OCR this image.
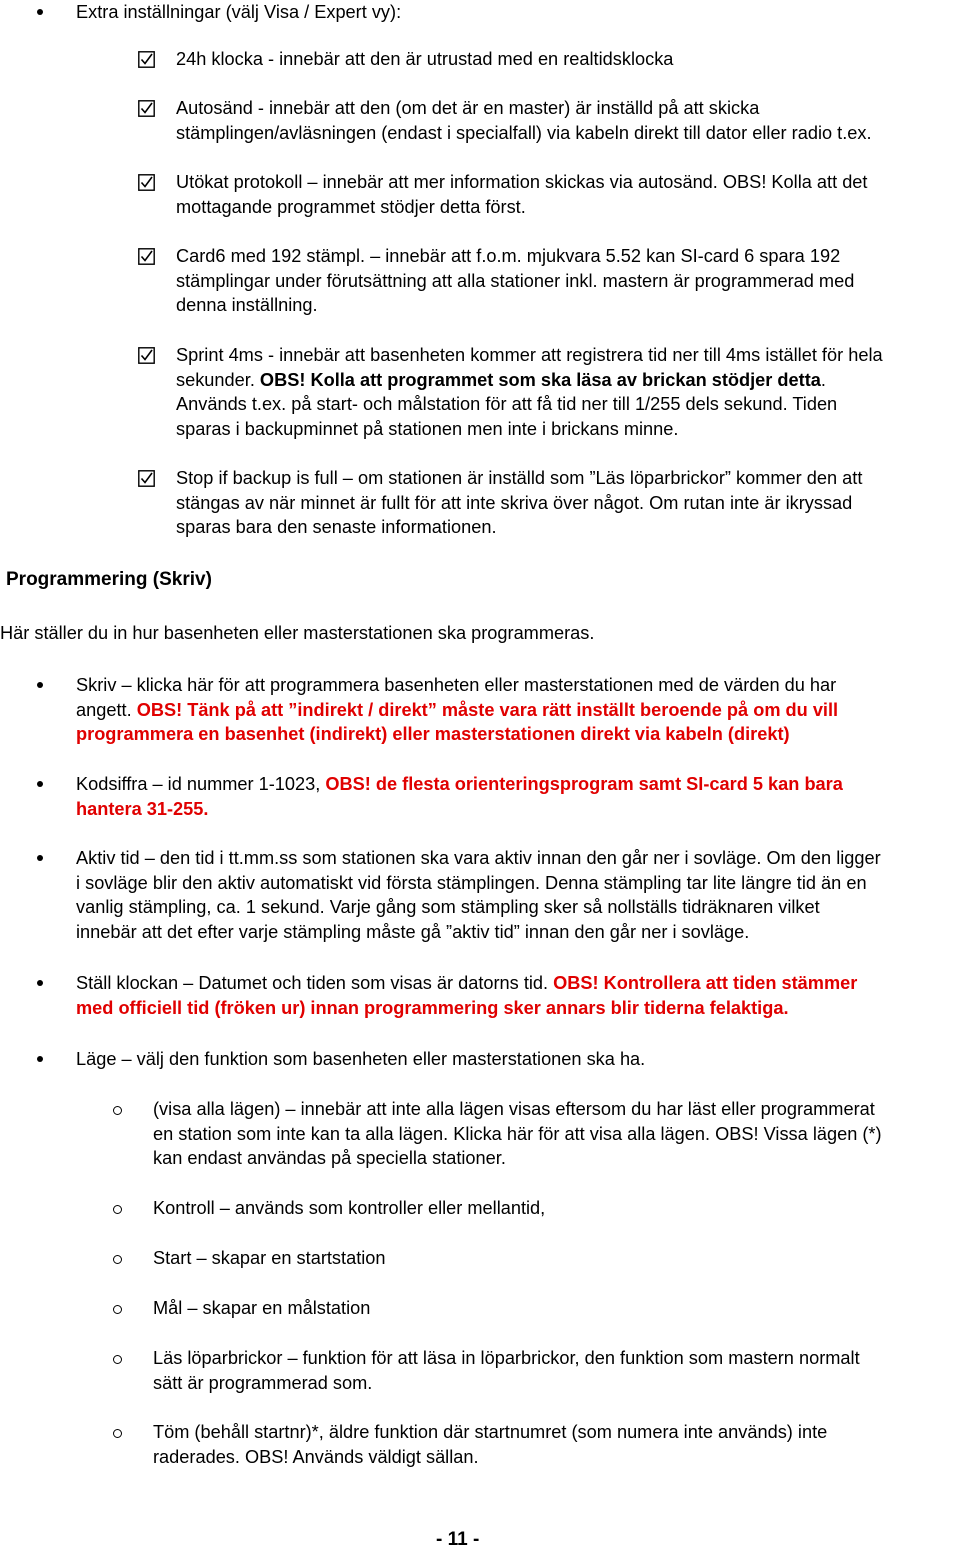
Extra inställningar (välj Visa / Expert vy):
24h klocka - innebär att den är utrustad med en realtidsklocka
Autosänd - innebär att den (om det är en master) är inställd på att skicka
stämplingen/avläsningen (endast i specialfall) via kabeln direkt till dator eller radio t.ex.
Utökat protokoll – innebär att mer information skickas via autosänd. OBS! Kolla att det
mottagande programmet stödjer detta först.
Card6 med 192 stämpl. – innebär att f.o.m. mjukvara 5.52 kan SI-card 6 spara 192
stämplingar under förutsättning att alla stationer inkl. mastern är programmerad med
denna inställning.
Sprint 4ms - innebär att basenheten kommer att registrera tid ner till 4ms istället för hela
sekunder. OBS! Kolla att programmet som ska läsa av brickan stödjer detta.
Används t.ex. på start- och målstation för att få tid ner till 1/255 dels sekund. Tiden
sparas i backupminnet på stationen men inte i brickans minne.
Stop if backup is full – om stationen är inställd som ”Läs löparbrickor” kommer den att
stängas av när minnet är fullt för att inte skriva över något. Om rutan inte är ikryssad
sparas bara den senaste informationen.
Programmering (Skriv)
Här ställer du in hur basenheten eller masterstationen ska programmeras.
Skriv – klicka här för att programmera basenheten eller masterstationen med de värden du har
angett. OBS! Tänk på att ”indirekt / direkt” måste vara rätt inställt beroende på om du vill
programmera en basenhet (indirekt) eller masterstationen direkt via kabeln (direkt)
Kodsiffra – id nummer 1-1023, OBS! de flesta orienteringsprogram samt SI-card 5 kan bara
hantera 31-255.
Aktiv tid – den tid i tt.mm.ss som stationen ska vara aktiv innan den går ner i sovläge. Om den ligger
i sovläge blir den aktiv automatiskt vid första stämplingen. Denna stämpling tar lite längre tid än en
vanlig stämpling, ca. 1 sekund. Varje gång som stämpling sker så nollställs tidräknaren vilket
innebär att det efter varje stämpling måste gå ”aktiv tid” innan den går ner i sovläge.
Ställ klockan – Datumet och tiden som visas är datorns tid. OBS! Kontrollera att tiden stämmer
med officiell tid (fröken ur) innan programmering sker annars blir tiderna felaktiga.
Läge – välj den funktion som basenheten eller masterstationen ska ha.
(visa alla lägen) – innebär att inte alla lägen visas eftersom du har läst eller programmerat
en station som inte kan ta alla lägen. Klicka här för att visa alla lägen. OBS! Vissa lägen (*)
kan endast användas på speciella stationer.
Kontroll – används som kontroller eller mellantid,
Start – skapar en startstation
Mål – skapar en målstation
Läs löparbrickor – funktion för att läsa in löparbrickor, den funktion som mastern normalt
sätt är programmerad som.
Töm (behåll startnr)*, äldre funktion där startnumret (som numera inte används) inte
raderades. OBS! Används väldigt sällan.
- 11 -
